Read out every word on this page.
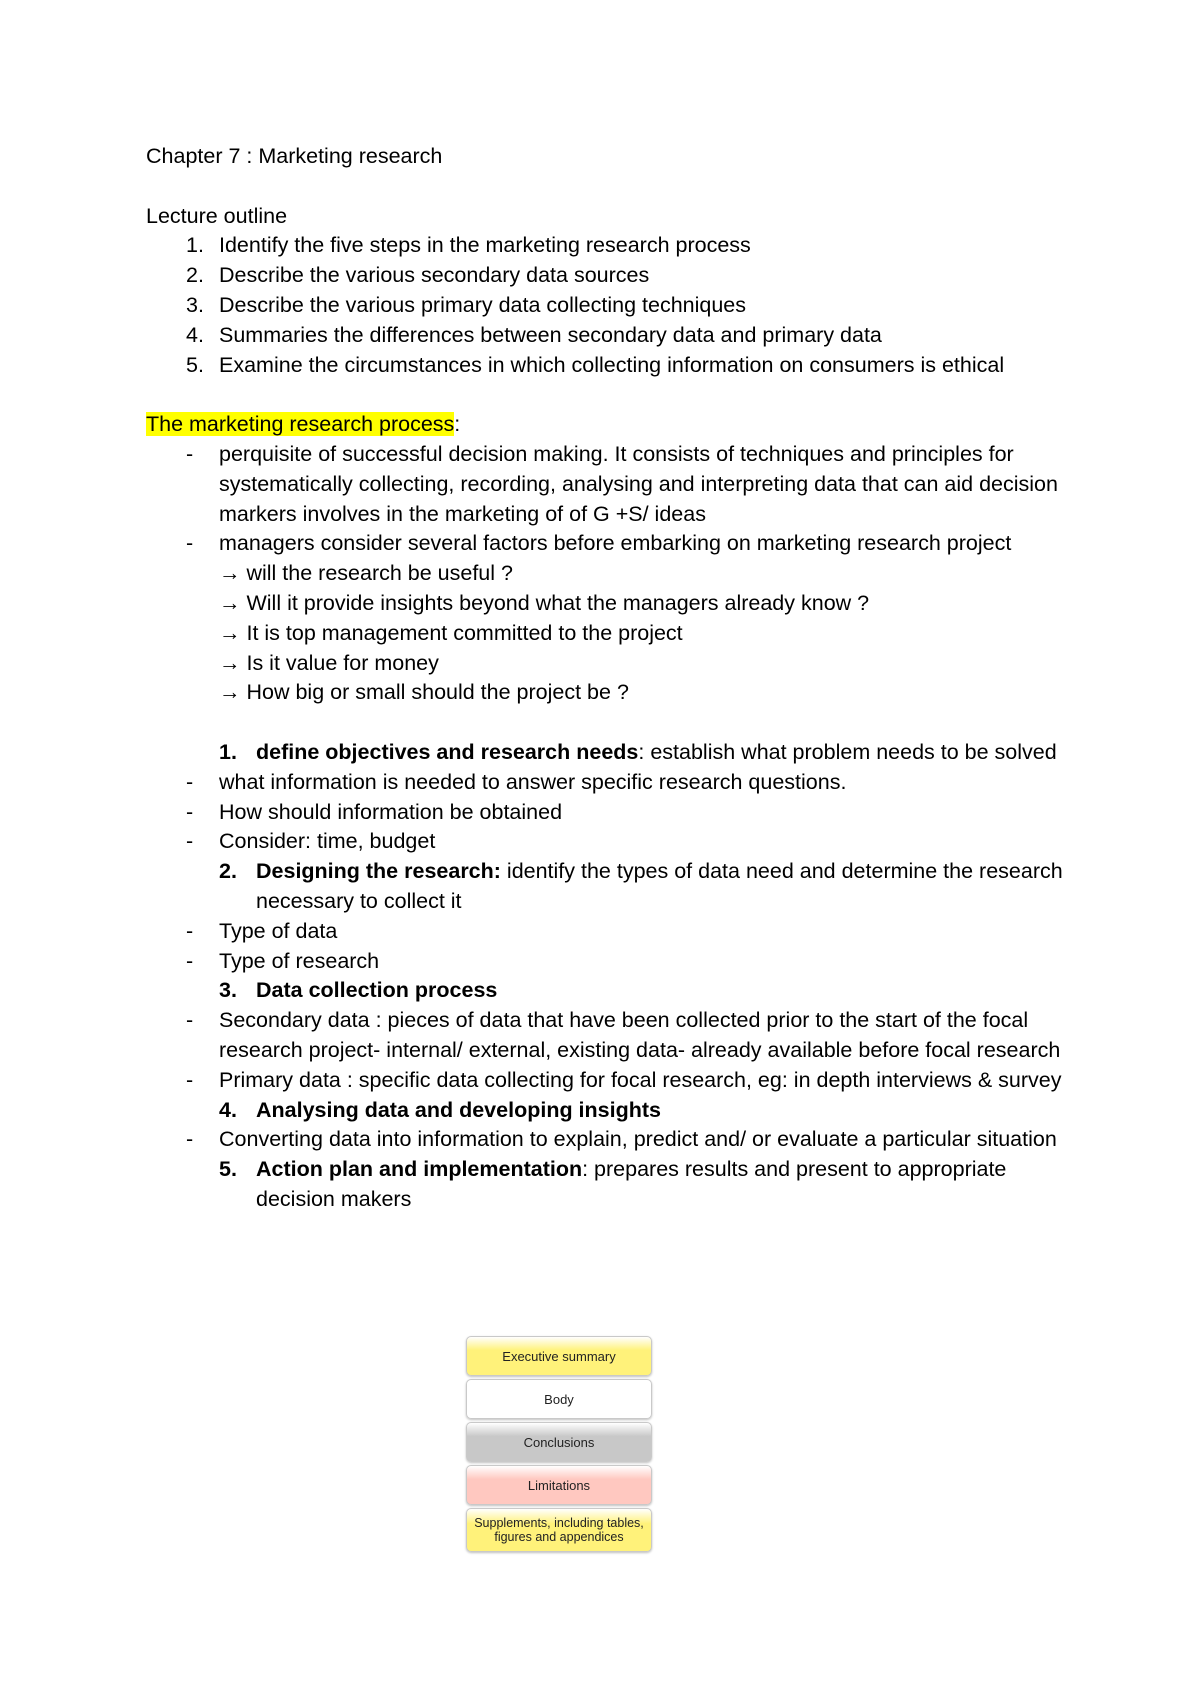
Chapter 7 : Marketing research

Lecture outline

1. Identify the five steps in the marketing research process
2. Describe the various secondary data sources
3. Describe the various primary data collecting techniques
4. Summaries the differences between secondary data and primary data
5. Examine the circumstances in which collecting information on consumers is ethical

The marketing research process:

-	perquisite of successful decision making. It consists of techniques and principles for systematically collecting, recording, analysing and interpreting data that can aid decision markers involves in the marketing of of G +S/ ideas
-	managers consider several factors before embarking on marketing research project
→ will the research be useful ?
→ Will it provide insights beyond what the managers already know ?
→ It is top management committed to the project
→ Is it value for money
→ How big or small should the project be ?
1. define objectives and research needs: establish what problem needs to be solved
-	what information is needed to answer specific research questions.
-	How should information be obtained
-	Consider: time, budget
2. Designing the research: identify the types of data need and determine the research necessary to collect it
-	Type of data
-	Type of research
3. Data collection process
-	Secondary data : pieces of data that have been collected prior to the start of the focal research project- internal/ external, existing data- already available before focal research
-	Primary data : specific data collecting for focal research, eg: in depth interviews & survey
4. Analysing data and developing insights
-	Converting data into information to explain, predict and/ or evaluate a particular situation
5. Action plan and implementation: prepares results and present to appropriate decision makers
Executive summary
Body
Conclusions
Limitations
Supplements, including tables, figures and appendices
